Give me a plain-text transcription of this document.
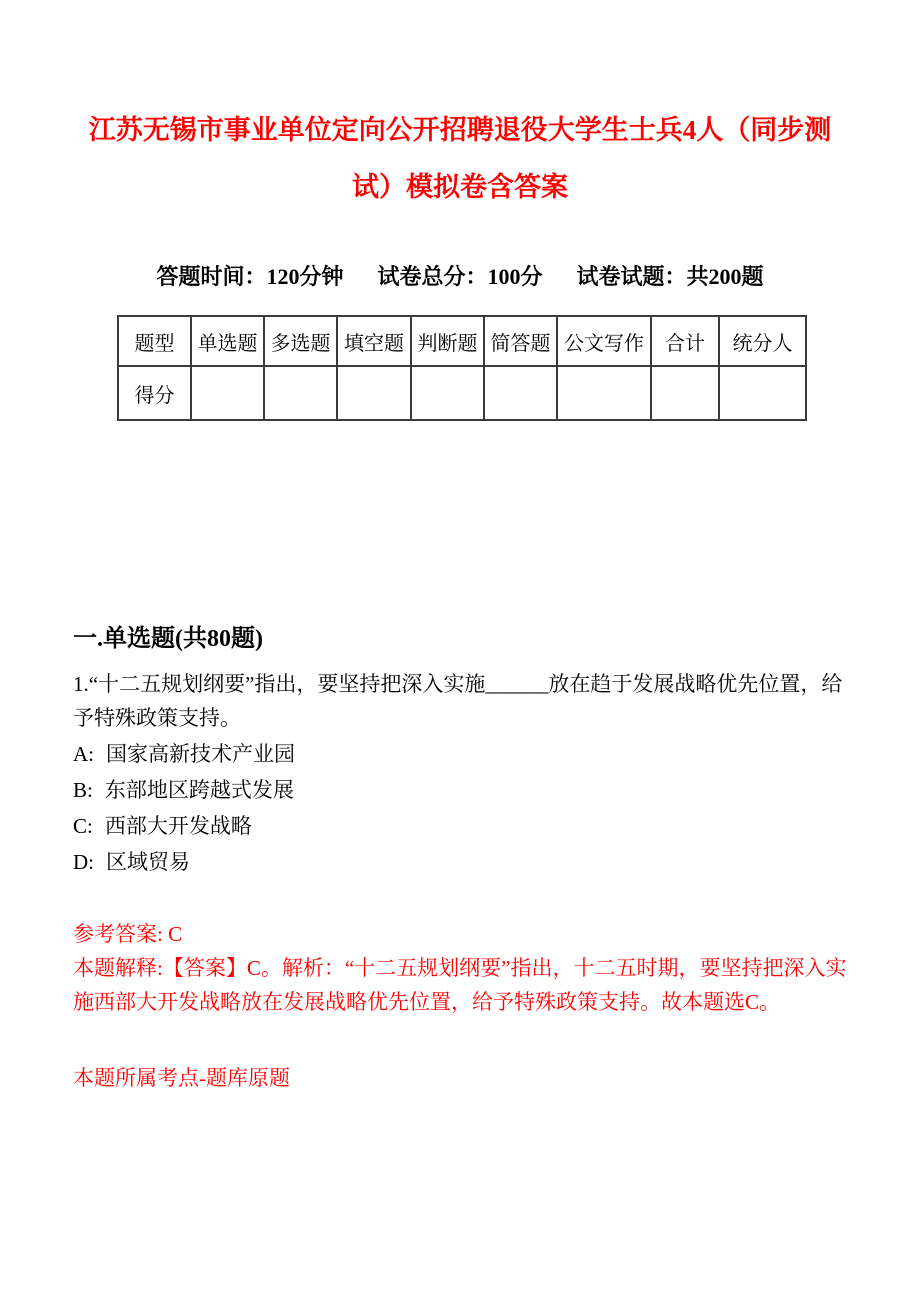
江苏无锡市事业单位定向公开招聘退役大学生士兵4人（同步测试）模拟卷含答案
答题时间：120分钟 试卷总分：100分 试卷试题：共200题
题型	单选题	多选题	填空题	判断题	简答题	公文写作	合计	统分人
得分								
一.单选题(共80题)

1.“十二五规划纲要”指出，要坚持把深入实施______放在趋于发展战略优先位置，给予特殊政策支持。

A: 国家高新技术产业园

B: 东部地区跨越式发展

C: 西部大开发战略

D: 区域贸易

参考答案: C

本题解释:【答案】C。解析：“十二五规划纲要”指出，十二五时期，要坚持把深入实施西部大开发战略放在发展战略优先位置，给予特殊政策支持。故本题选C。

本题所属考点-题库原题
